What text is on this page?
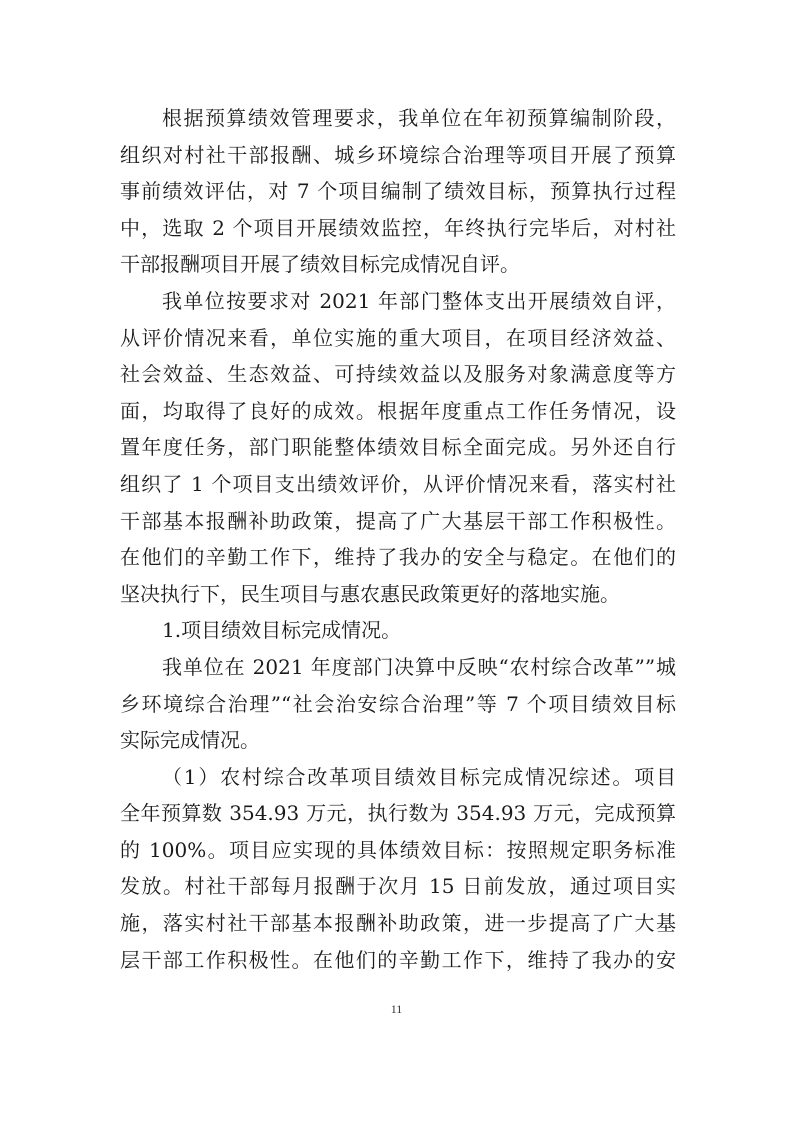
根据预算绩效管理要求，我单位在年初预算编制阶段，
组织对村社干部报酬、城乡环境综合治理等项目开展了预算
事前绩效评估，对 7 个项目编制了绩效目标，预算执行过程
中，选取 2 个项目开展绩效监控，年终执行完毕后，对村社
干部报酬项目开展了绩效目标完成情况自评。
我单位按要求对 2021 年部门整体支出开展绩效自评，
从评价情况来看，单位实施的重大项目，在项目经济效益、
社会效益、生态效益、可持续效益以及服务对象满意度等方
面，均取得了良好的成效。根据年度重点工作任务情况，设
置年度任务，部门职能整体绩效目标全面完成。另外还自行
组织了 1 个项目支出绩效评价，从评价情况来看，落实村社
干部基本报酬补助政策，提高了广大基层干部工作积极性。
在他们的辛勤工作下，维持了我办的安全与稳定。在他们的
坚决执行下，民生项目与惠农惠民政策更好的落地实施。
1.项目绩效目标完成情况。
我单位在 2021 年度部门决算中反映“农村综合改革””城
乡环境综合治理”“社会治安综合治理”等 7 个项目绩效目标
实际完成情况。
（1）农村综合改革项目绩效目标完成情况综述。项目
全年预算数 354.93 万元，执行数为 354.93 万元，完成预算
的 100%。项目应实现的具体绩效目标：按照规定职务标准
发放。村社干部每月报酬于次月 15 日前发放，通过项目实
施，落实村社干部基本报酬补助政策，进一步提高了广大基
层干部工作积极性。在他们的辛勤工作下，维持了我办的安
11
